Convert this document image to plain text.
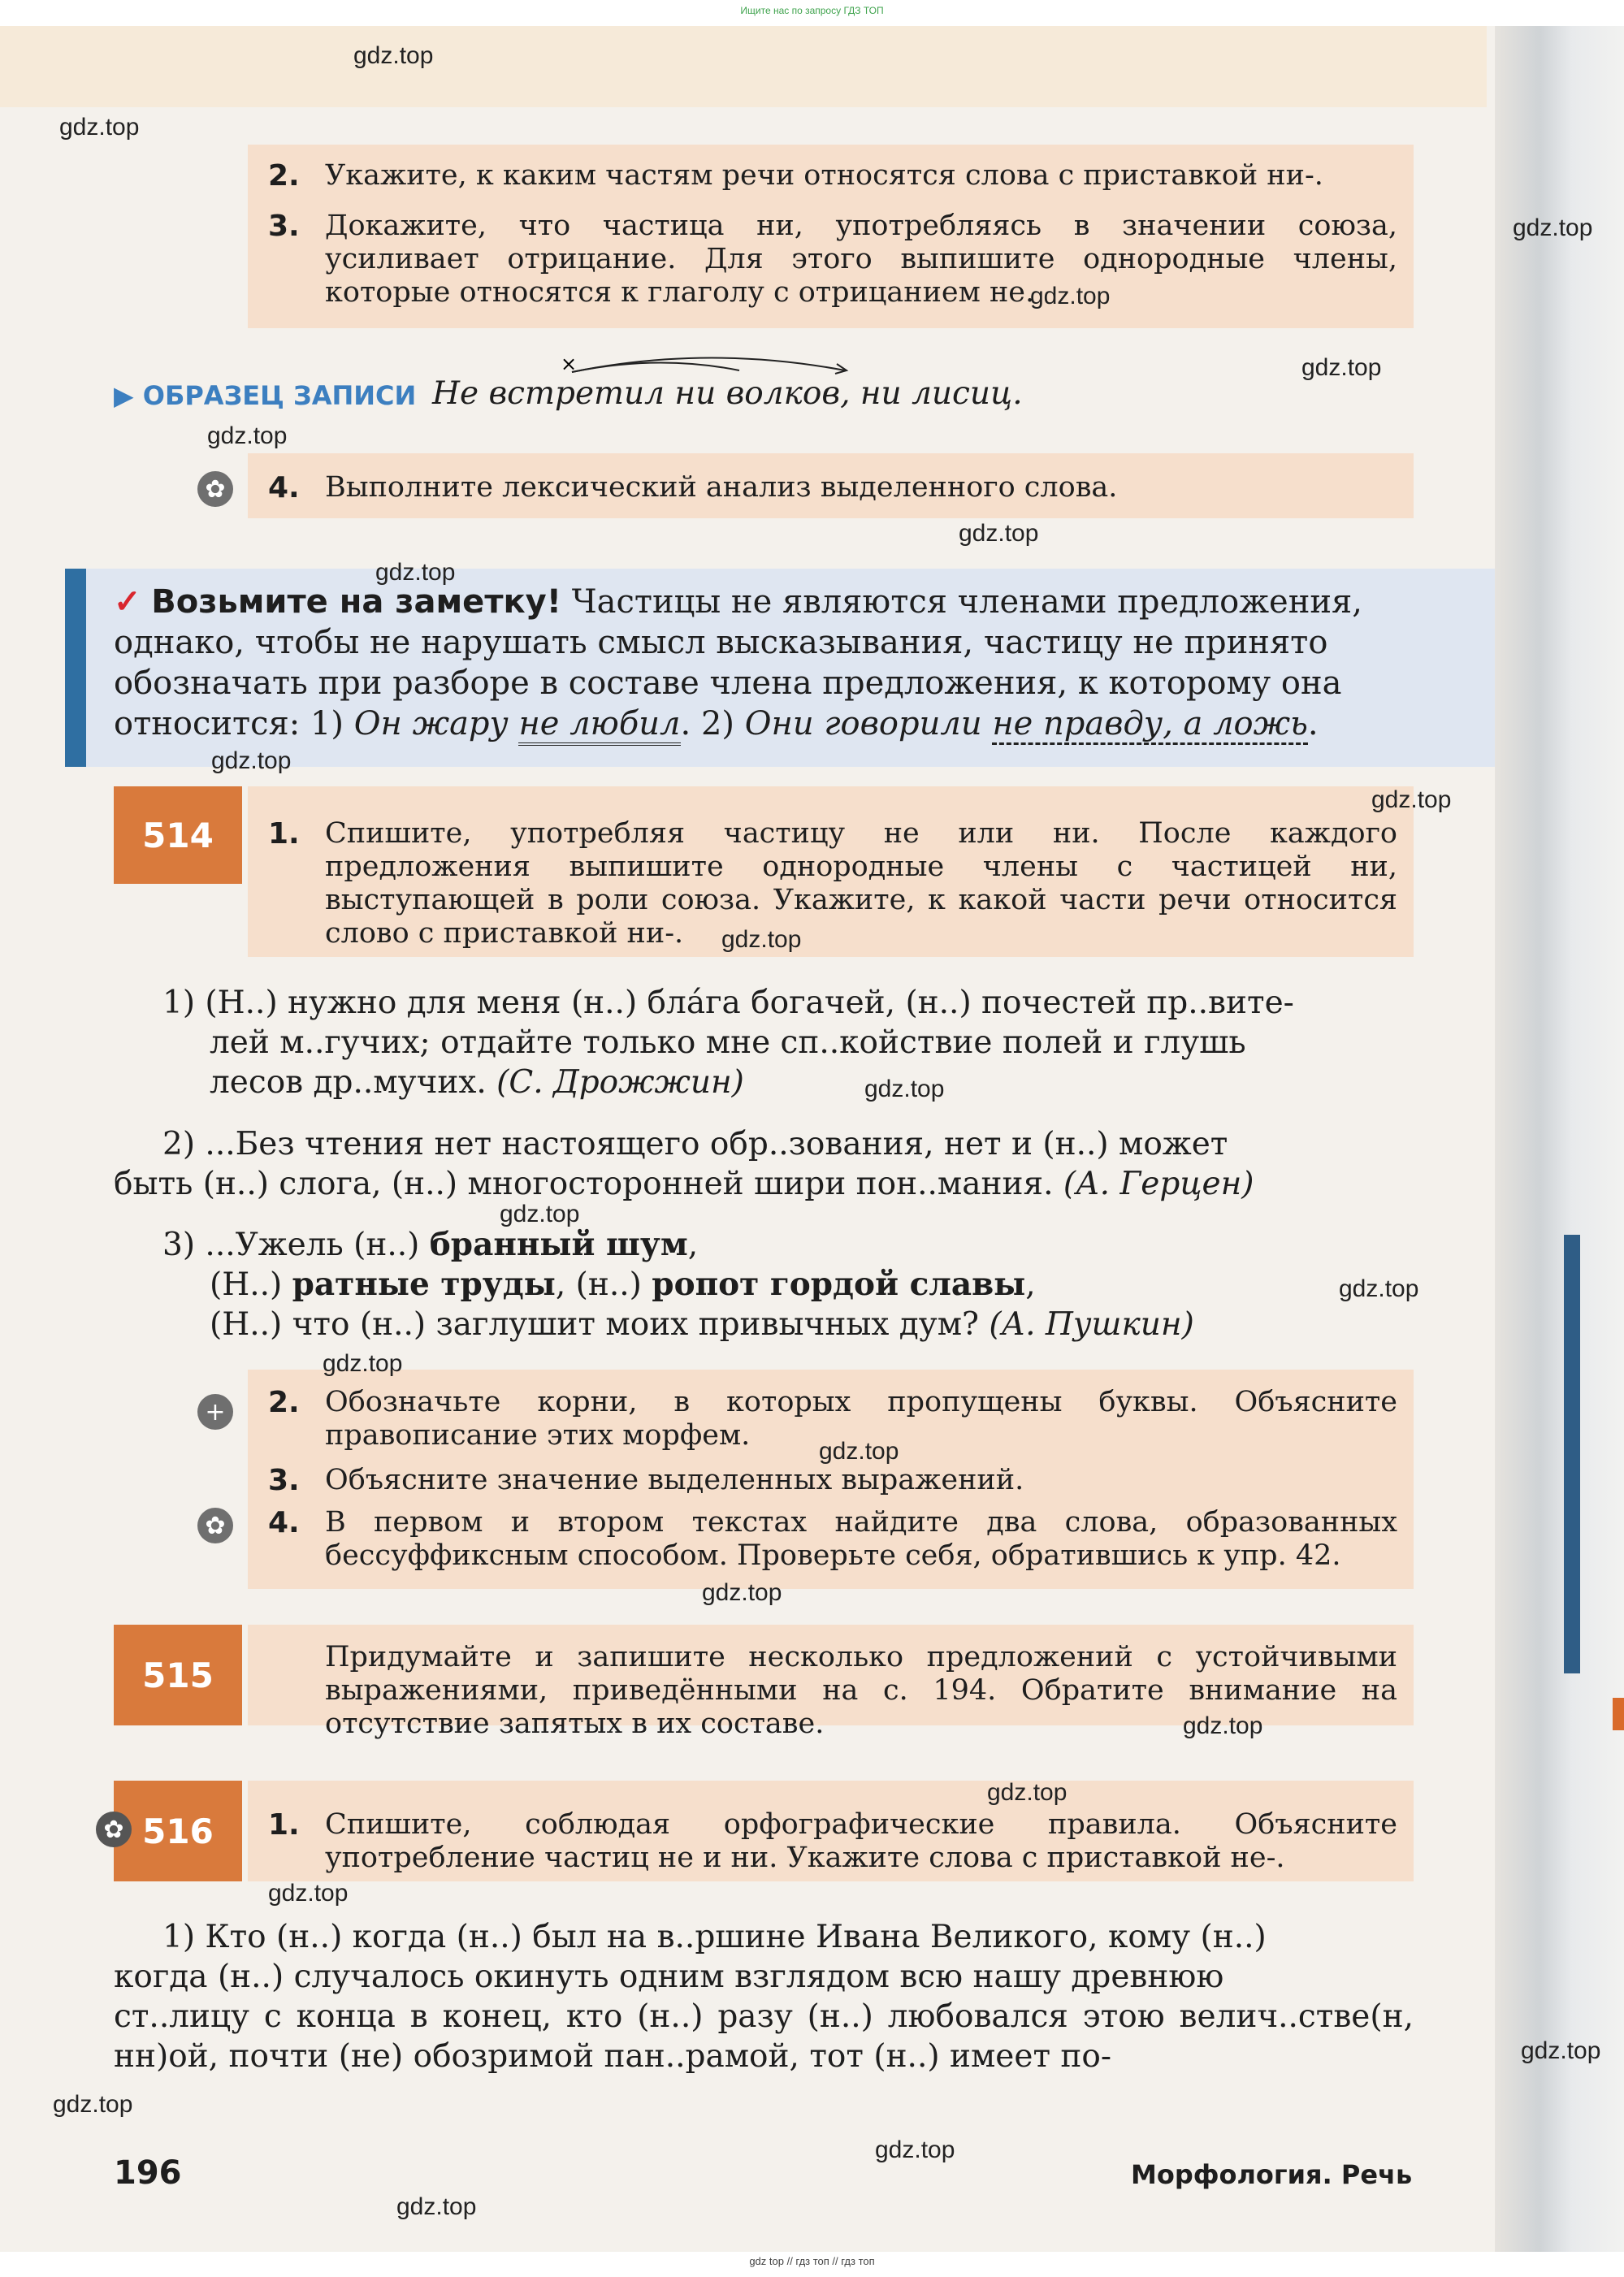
Ищите нас по запросу ГДЗ ТОП
2. Укажите, к каким частям речи относятся слова с приставкой ни-.
3. Докажите, что частица ни, употребляясь в значении союза, усиливает отрицание. Для этого выпишите однородные члены, которые относятся к глаголу с отрицанием не.
▶ ОБРАЗЕЦ ЗАПИСИ Не встретил ни волков, ни лисиц.
×
✿ 4. Выполните лексический анализ выделенного слова.
✓ Возьмите на заметку! Частицы не являются членами предложения,
однако, чтобы не нарушать смысл высказывания, частицу не принято
обозначать при разборе в составе члена предложения, к которому она
относится: 1) Он жару не любил. 2) Они говорили не правду, а ложь.
514	1. Спишите, употребляя частицу не или ни. После каждого предложения выпишите однородные члены с частицей ни, выступающей в роли союза. Укажите, к какой части речи относится слово с приставкой ни-.
1) (Н..) нужно для меня (н..) блáга богачей, (н..) почестей пр..вите-
лей м..гучих; отдайте только мне сп..койствие полей и глушь
лесов др..мучих. (С. Дрожжин)
2) ...Без чтения нет настоящего обр..зования, нет и (н..) может
быть (н..) слога, (н..) многосторонней шири пон..мания. (А. Герцен)
3) ...Ужель (н..) бранный шум,
(Н..) ратные труды, (н..) ропот гордой славы,
(Н..) что (н..) заглушит моих привычных дум? (А. Пушкин)
+ 2. Обозначьте корни, в которых пропущены буквы. Объясните правописание этих морфем.
3. Объясните значение выделенных выражений.
✿ 4. В первом и втором текстах найдите два слова, образованных бессуффиксным способом. Проверьте себя, обратившись к упр. 42.
515	Придумайте и запишите несколько предложений с устойчивыми выражениями, приведёнными на с. 194. Обратите внимание на отсутствие запятых в их составе.
516
✿	1. Спишите, соблюдая орфографические правила. Объясните употребление частиц не и ни. Укажите слова с приставкой не-.
1) Кто (н..) когда (н..) был на в..ршине Ивана Великого, кому (н..)
когда (н..) случалось окинуть одним взглядом всю нашу древнюю
ст..лицу с конца в конец, кто (н..) разу (н..) любовался этою велич..стве(н, нн)ой, почти (не) обозримой пан..рамой, тот (н..) имеет по-
196	Морфология. Речь
gdz.top
gdz.top
gdz.top
gdz.top
gdz.top
gdz.top
gdz.top
gdz.top
gdz.top
gdz.top
gdz.top
gdz.top
gdz.top
gdz.top
gdz.top
gdz.top
gdz.top
gdz.top
gdz.top
gdz.top
gdz.top
gdz.top
gdz.top
gdz.top
gdz top // гдз топ // гдз топ
